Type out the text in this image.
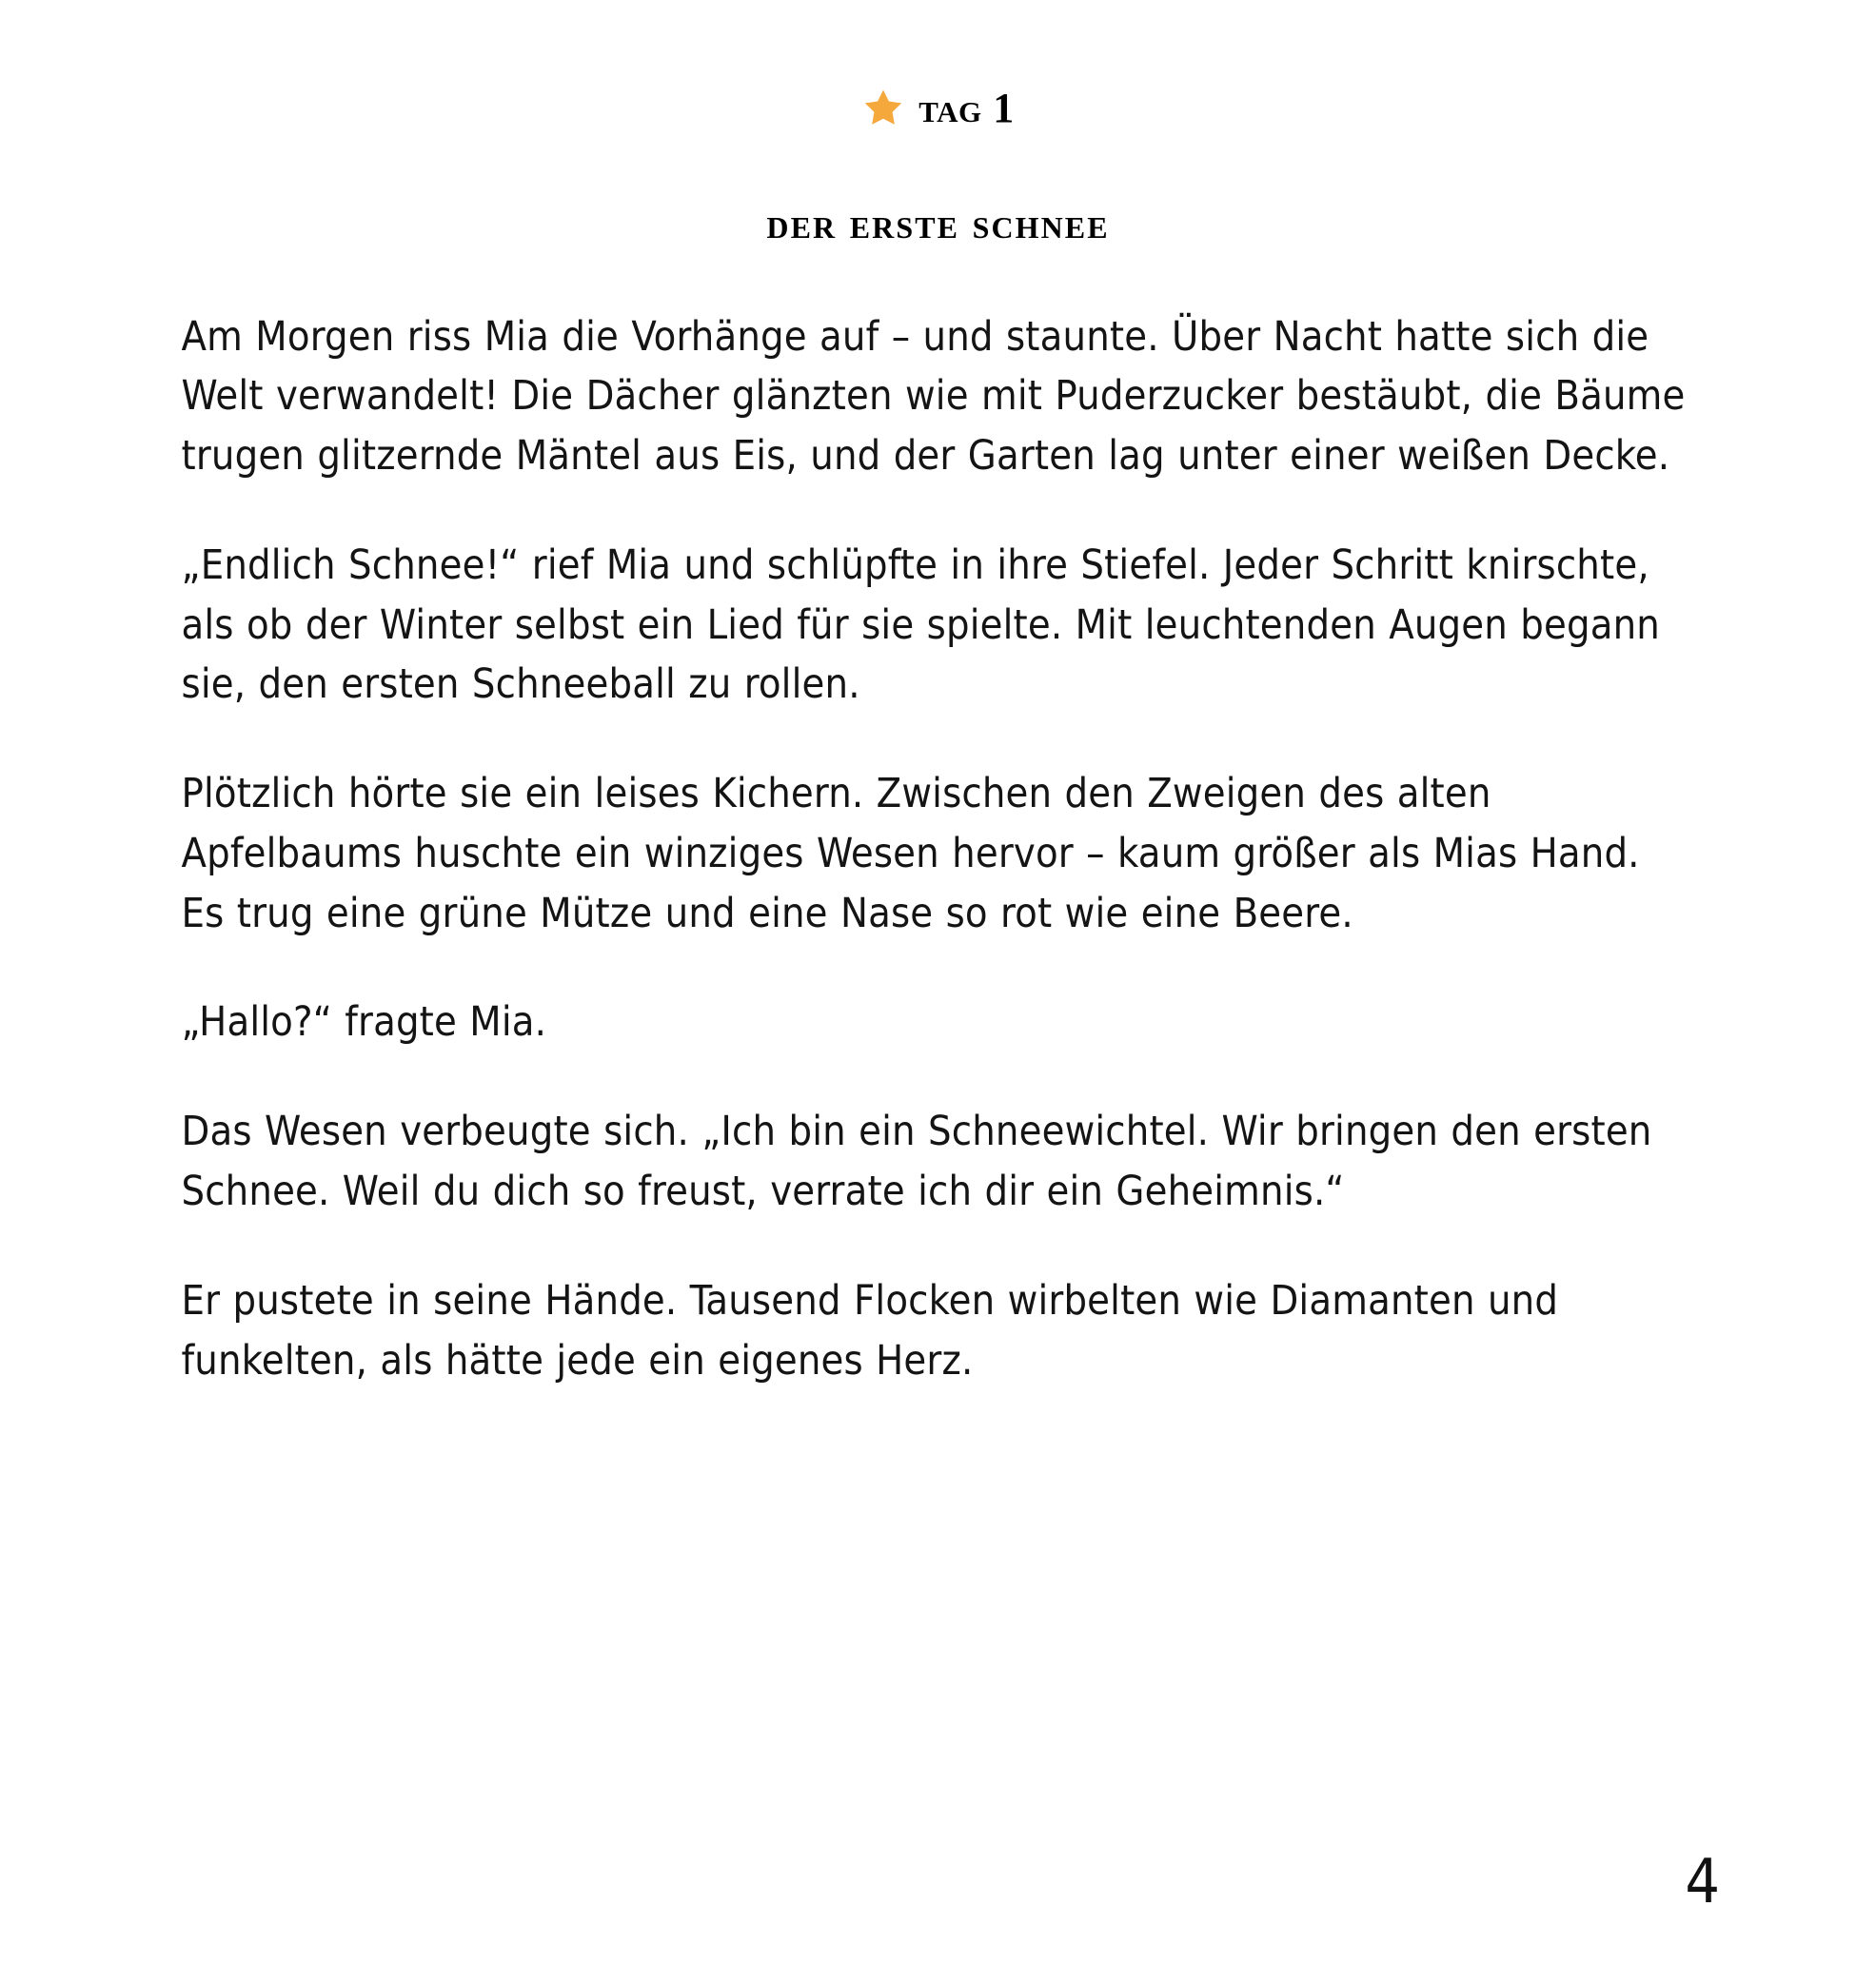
tag 1
der erste schnee

Am Morgen riss Mia die Vorhänge auf – und staunte. Über Nacht hatte sich die Welt verwandelt! Die Dächer glänzten wie mit Puderzucker bestäubt, die Bäume trugen glitzernde Mäntel aus Eis, und der Garten lag unter einer weißen Decke.

„Endlich Schnee!“ rief Mia und schlüpfte in ihre Stiefel. Jeder Schritt knirschte, als ob der Winter selbst ein Lied für sie spielte. Mit leuchtenden Augen begann sie, den ersten Schneeball zu rollen.

Plötzlich hörte sie ein leises Kichern. Zwischen den Zweigen des alten Apfelbaums huschte ein winziges Wesen hervor – kaum größer als Mias Hand. Es trug eine grüne Mütze und eine Nase so rot wie eine Beere.

„Hallo?“ fragte Mia.

Das Wesen verbeugte sich. „Ich bin ein Schneewichtel. Wir bringen den ersten Schnee. Weil du dich so freust, verrate ich dir ein Geheimnis.“

Er pustete in seine Hände. Tausend Flocken wirbelten wie Diamanten und funkelten, als hätte jede ein eigenes Herz.

4
